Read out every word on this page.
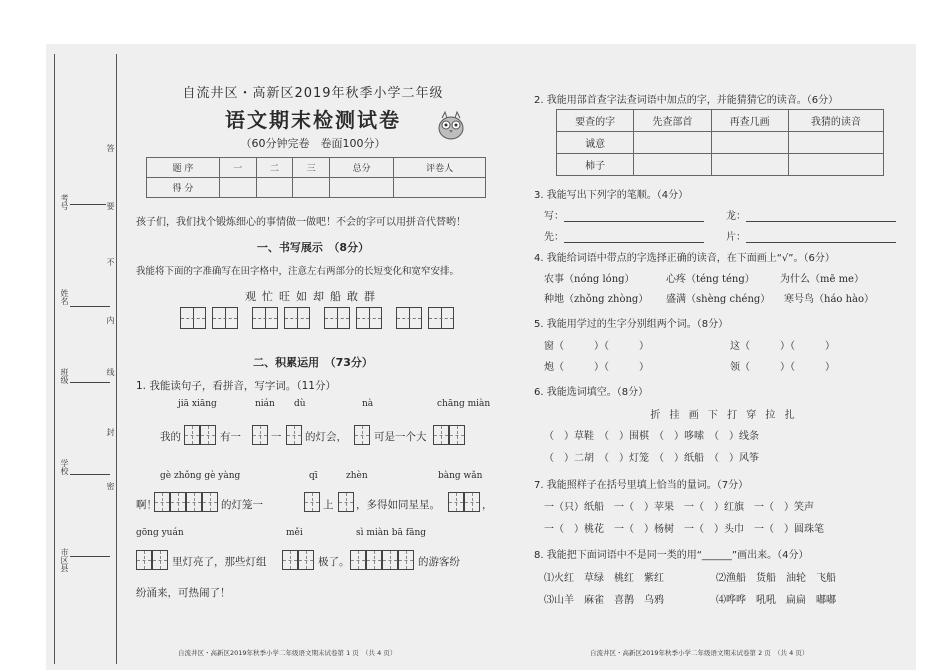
考号
姓名
班级
学校
市区县
答
要
不
内
线
封
密
自流井区・高新区2019年秋季小学二年级
语文期末检测试卷
（60分钟完卷　卷面100分）
题 序	一	二	三	总分	评卷人
得 分					
孩子们，我们找个锻炼细心的事情做一做吧！不会的字可以用拼音代替哟！
一、书写展示　（8分）
我能将下面的字准确写在田字格中，注意左右两部分的长短变化和宽窄安排。
观忙旺如却船敢群
二、积累运用　（73分）
1. 我能读句子，看拼音，写字词。（11分）
jiā xiāng	nián dù	nà	chāng miàn
我的	有一	一 的灯会，	可是一个大
gè zhǒng gè yàng	qī	zhèn	bàng wǎn
啊！	的灯笼一	上 ，多得如同星星。	，
gōng yuán	měi	sì miàn bā fāng
里灯亮了，那些灯组	极了。	的游客纷
纷涌来，可热闹了！
自流井区・高新区2019年秋季小学二年级语文期末试卷第 1 页　（共 4 页）
2. 我能用部首查字法查词语中加点的字，并能猜猜它的读音。（6分）
要查的字	先查部首	再查几画	我猜的读音
诚意			
柿子			
3. 我能写出下列字的笔顺。（4分）
写：	龙：
先：	片：
4. 我能给词语中带点的字选择正确的读音，在下面画上“√”。（6分）
农事（nóng lóng）	心疼（téng téng）	为什么（mē me）
种地（zhǒng zhòng） 盛满（shèng chéng） 寒号鸟（háo hào）
5. 我能用学过的生字分别组两个词。（8分）
窗（　　　）（　　　）	这（　　　）（　　　）
炮（　　　）（　　　）	领（　　　）（　　　）
6. 我能选词填空。（8分）
折 挂 画 下 打 穿 拉 扎
（　）草鞋　（　）围棋　（　）哆嗦　（　）线条
（　）二胡　（　）灯笼　（　）纸船　（　）风筝
7. 我能照样子在括号里填上恰当的量词。（7分）
一（只）纸船　一（　）苹果　一（　）红旗　一（　）笑声
一（　）桃花　一（　）杨树　一（　）头巾　一（　）圆珠笔
8. 我能把下面词语中不是同一类的用“______”画出来。（4分）
⑴火红　草绿　桃红　紫红	⑵渔船　货船　油轮　飞船
⑶山羊　麻雀　喜鹊　乌鸦	⑷哗哗　吼吼　扁扁　嘟嘟
自流井区・高新区2019年秋季小学二年级语文期末试卷第 2 页　（共 4 页）
